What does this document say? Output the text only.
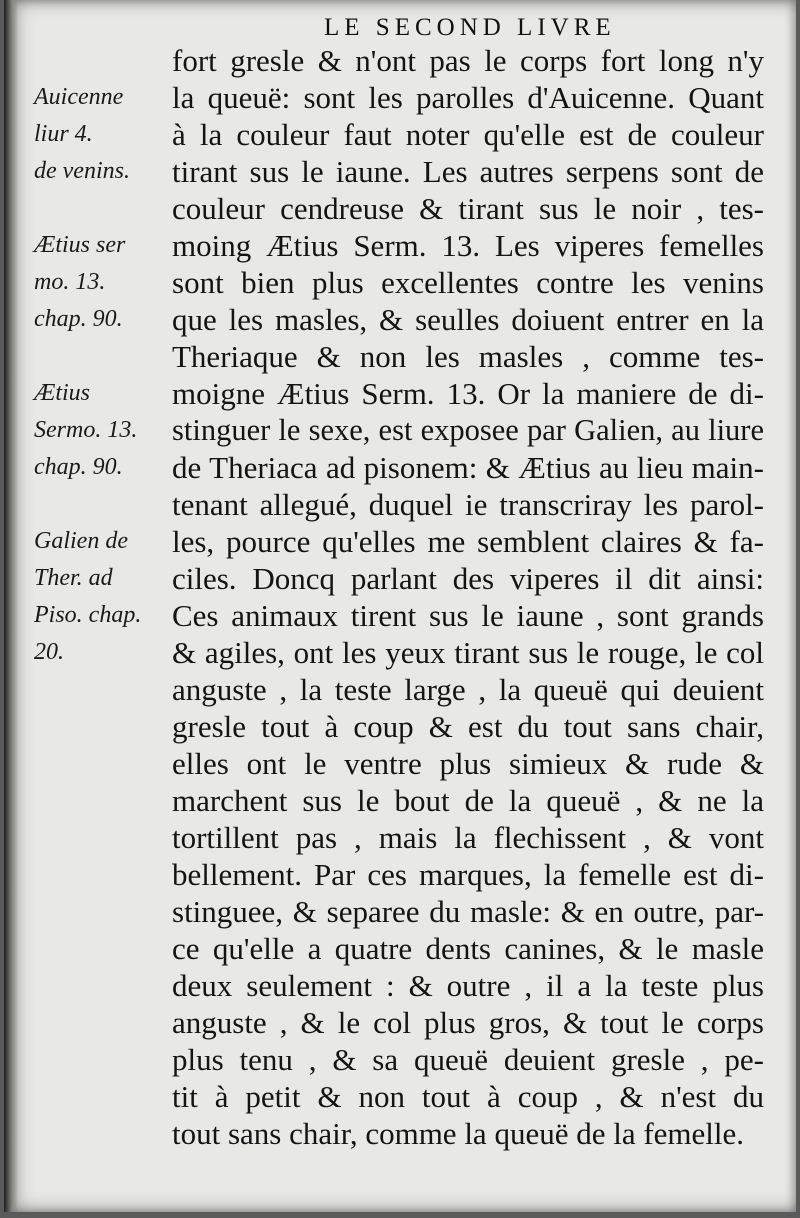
LE SECOND LIVRE
Auicenne
liur 4.
de venins.
Ætius ser
mo. 13.
chap. 90.
Ætius
Sermo. 13.
chap. 90.
Galien de
Ther. ad
Piso. chap.
20.
fort gresle & n'ont pas le corps fort long n'y
la queuë: sont les parolles d'Auicenne. Quant
à la couleur faut noter qu'elle est de couleur
tirant sus le iaune. Les autres serpens sont de
couleur cendreuse & tirant sus le noir , tes-
moing Ætius Serm. 13. Les viperes femelles
sont bien plus excellentes contre les venins
que les masles, & seulles doiuent entrer en la
Theriaque & non les masles , comme tes-
moigne Ætius Serm. 13. Or la maniere de di-
stinguer le sexe, est exposee par Galien, au liure
de Theriaca ad pisonem: & Ætius au lieu main-
tenant allegué, duquel ie transcriray les parol-
les, pource qu'elles me semblent claires & fa-
ciles. Doncq parlant des viperes il dit ainsi:
Ces animaux tirent sus le iaune , sont grands
& agiles, ont les yeux tirant sus le rouge, le col
anguste , la teste large , la queuë qui deuient
gresle tout à coup & est du tout sans chair,
elles ont le ventre plus simieux & rude &
marchent sus le bout de la queuë , & ne la
tortillent pas , mais la flechissent , & vont
bellement. Par ces marques, la femelle est di-
stinguee, & separee du masle: & en outre, par-
ce qu'elle a quatre dents canines, & le masle
deux seulement : & outre , il a la teste plus
anguste , & le col plus gros, & tout le corps
plus tenu , & sa queuë deuient gresle , pe-
tit à petit & non tout à coup , & n'est du
tout sans chair, comme la queuë de la femelle.
